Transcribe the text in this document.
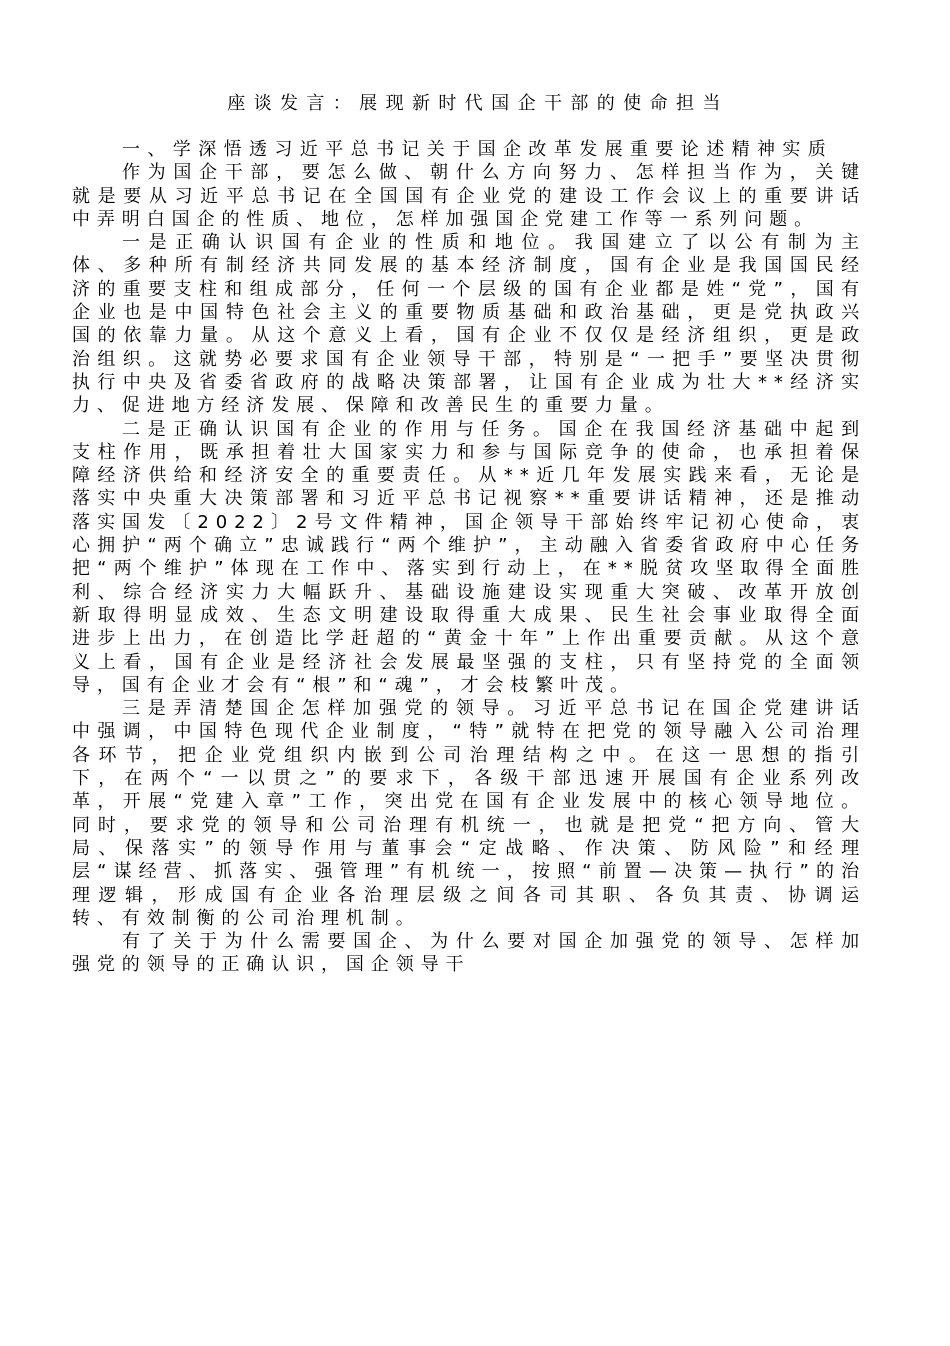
座谈发言：展现新时代国企干部的使命担当

一、学深悟透习近平总书记关于国企改革发展重要论述精神实质

作为国企干部，要怎么做、朝什么方向努力、怎样担当作为，关键就是要从习近平总书记在全国国有企业党的建设工作会议上的重要讲话中弄明白国企的性质、地位，怎样加强国企党建工作等一系列问题。

一是正确认识国有企业的性质和地位。我国建立了以公有制为主体、多种所有制经济共同发展的基本经济制度，国有企业是我国国民经济的重要支柱和组成部分，任何一个层级的国有企业都是姓“党”，国有企业也是中国特色社会主义的重要物质基础和政治基础，更是党执政兴国的依靠力量。从这个意义上看，国有企业不仅仅是经济组织，更是政治组织。这就势必要求国有企业领导干部，特别是“一把手”要坚决贯彻执行中央及省委省政府的战略决策部署，让国有企业成为壮大**经济实力、促进地方经济发展、保障和改善民生的重要力量。

二是正确认识国有企业的作用与任务。国企在我国经济基础中起到支柱作用，既承担着壮大国家实力和参与国际竞争的使命，也承担着保障经济供给和经济安全的重要责任。从**近几年发展实践来看，无论是落实中央重大决策部署和习近平总书记视察**重要讲话精神，还是推动落实国发〔2022〕2号文件精神，国企领导干部始终牢记初心使命，衷心拥护“两个确立”忠诚践行“两个维护”，主动融入省委省政府中心任务把“两个维护”体现在工作中、落实到行动上，在**脱贫攻坚取得全面胜利、综合经济实力大幅跃升、基础设施建设实现重大突破、改革开放创新取得明显成效、生态文明建设取得重大成果、民生社会事业取得全面进步上出力，在创造比学赶超的“黄金十年”上作出重要贡献。从这个意义上看，国有企业是经济社会发展最坚强的支柱，只有坚持党的全面领导，国有企业才会有“根”和“魂”，才会枝繁叶茂。

三是弄清楚国企怎样加强党的领导。习近平总书记在国企党建讲话中强调，中国特色现代企业制度，“特”就特在把党的领导融入公司治理各环节，把企业党组织内嵌到公司治理结构之中。在这一思想的指引下，在两个“一以贯之”的要求下，各级干部迅速开展国有企业系列改革，开展“党建入章”工作，突出党在国有企业发展中的核心领导地位。同时，要求党的领导和公司治理有机统一，也就是把党“把方向、管大局、保落实”的领导作用与董事会“定战略、作决策、防风险”和经理层“谋经营、抓落实、强管理”有机统一，按照“前置—决策—执行”的治理逻辑，形成国有企业各治理层级之间各司其职、各负其责、协调运转、有效制衡的公司治理机制。

有了关于为什么需要国企、为什么要对国企加强党的领导、怎样加强党的领导的正确认识，国企领导干
